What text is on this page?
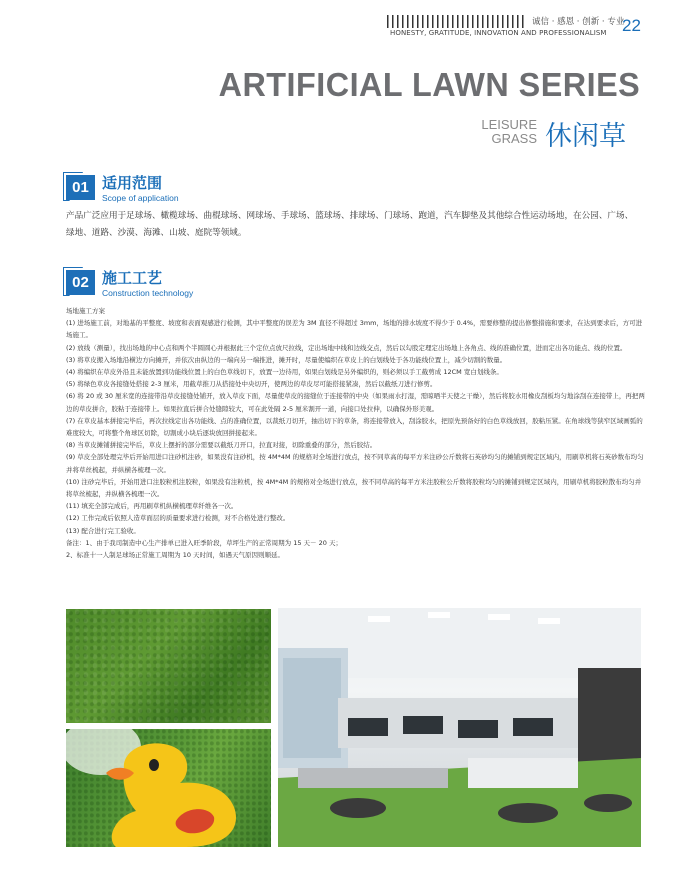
诚信 · 感恩 · 创新 · 专业
HONESTY, GRATITUDE, INNOVATION AND PROFESSIONALISM 22
ARTIFICIAL LAWN SERIES
LEISURE
GRASS 休闲草
01 适用范围
Scope of application
产品广泛应用于足球场、橄榄球场、曲棍球场、网球场、手球场、篮球场、排球场、门球场、跑道，汽车脚垫及其他综合性运动场地，在公园、广场、绿地、道路、沙漠、海滩、山坡、庭院等领域。
02 施工工艺
Construction technology

场地施工方案

(1) 进场施工前，对地基的平整度、坡度和表面观感进行检测，其中平整度的误差为 3M 直径不得超过 3mm，场地的排水坡度不得少于 0.4%，需要修整的提出修整措施和要求，在达到要求后，方可进场施工。

(2) 放线（测量），找出场地的中心点和两个半圆圆心并根据此三个定位点放尺拉线，定出场地中线和边线交点，然后以勾股定理定出场地上各角点、线的准确位置，进而定出各功能点、线的位置。

(3) 将草皮搬入场地沿横边方向摊开，并依次由纵边的一端向另一端推进，摊开时，尽量使编织在草皮上的白划线处于各功能线位置上，减少切割的数量。

(4) 将编织在草皮外沿且未能放置到功能线位置上的白色草线切下，放置一边待用，如果白划线是另外编织的，则必须以手工截剪成 12CM 宽白划线条。

(5) 将绿色草皮各接缝处搭接 2-3 厘米，用截草推刀从搭接处中央切开，使两边的草皮尽可能搭接紧凑，然后以截纸刀进行修剪。

(6) 将 20 或 30 厘米宽的连接带沿草皮接缝处铺开，放入草皮下面，尽量使草皮的接缝位于连接带的中央（如果雨水打湿，需晾晒半天使之干燥），然后将胶水用橡皮刮板均匀地涂刮在连接带上，再把两边的草皮拼合，胶粘于连接带上。如果拉直后拼合处缝隙较大，可在此处隔 2-5 厘米割开一道，向接口处拉伸，以确保外形美观。

(7) 在草皮基本拼接完毕后，再次拉线定出各功能线、点的准确位置，以裁纸刀切开，抽出切下的草条，将连接带放入，刮涂胶水，把原先预备好的白色草线放回，胶粘压紧。在角球线等狭窄区域画弧的难度较大，可将整个角球区切除，切割成小块后逐块放回拼接起来。

(8) 当草皮摊铺拼接完毕后，草皮上摆折的部分需要以截纸刀开口，拉直对接，切除重叠的部分，然后胶结。

(9) 草皮全部处理完毕后开始用进口注砂机注砂，如果没有注砂机，按 4M*4M 的规格对全场进行放点，按不同草高的每平方米注砂公斤数将石英砂均匀的摊铺到规定区域内，用刷草机将石英砂数布均匀并将草丝梳起，并纵横各梳理一次。

(10) 注砂完毕后，开始用进口注胶粒机注胶粒，如果没有注粒机，按 4M*4M 的规格对全场进行放点，按不同草高的每平方米注胶粒公斤数将胶粒均匀的摊铺到规定区域内，用刷草机将胶粒散布均匀并将草丝梳起，并纵横各梳理一次。

(11) 填充全部完成后，再用刷草机纵横梳理草纤维各一次。

(12) 工作完成后依照人造草面层的质量要求进行检测，对不合格处进行整改。

(13) 配合进行完工验收。

备注：1、由于我司制造中心生产排单已进入旺季阶段，草坪生产的正常周期为 15 天－ 20 天；

2、标准十一人制足球场正常施工周期为 10 天时间，如遇天气原因则顺延。
